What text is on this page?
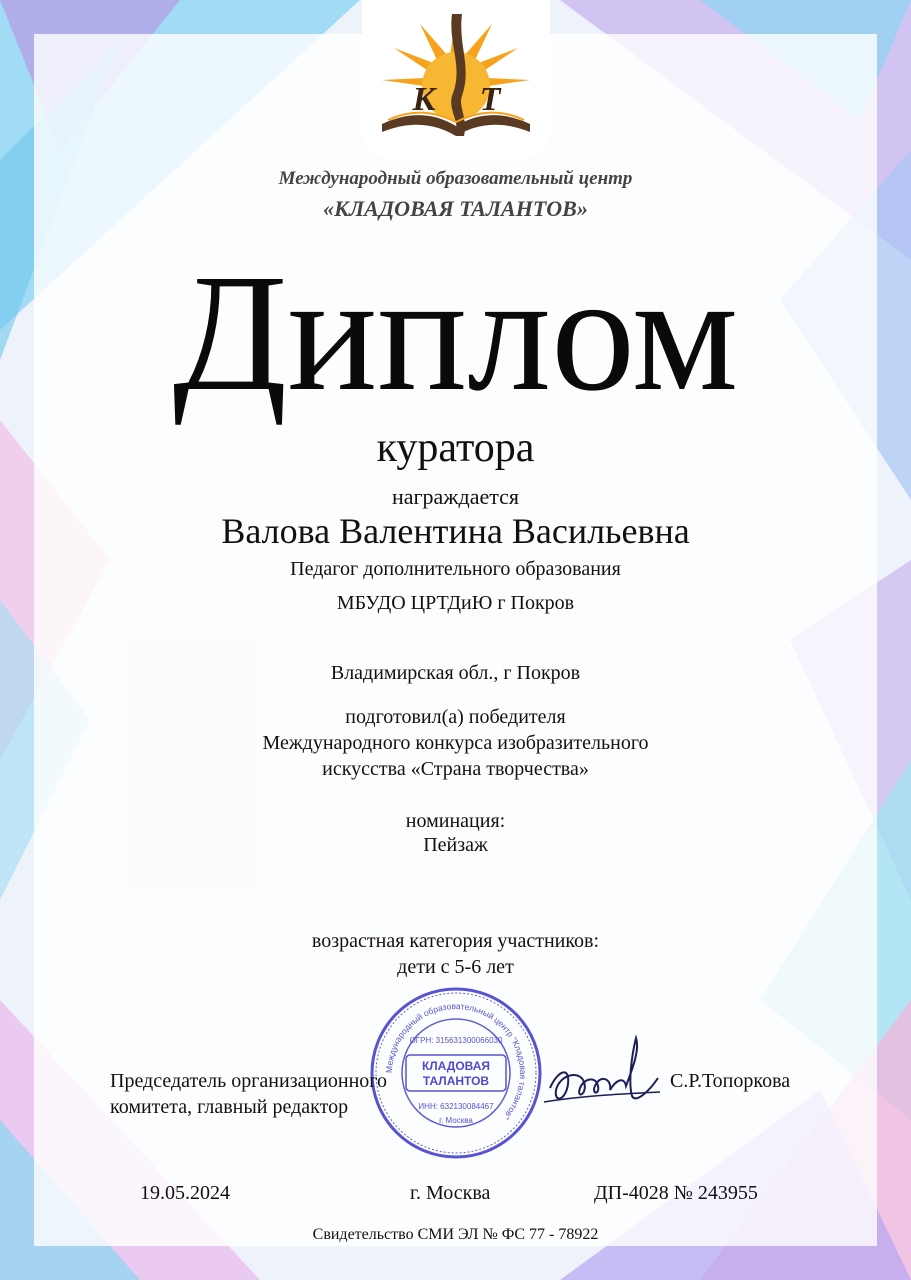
К Т
Международный образовательный центр
«КЛАДОВАЯ ТАЛАНТОВ»
Диплом
куратора
награждается
Валова Валентина Васильевна
Педагог дополнительного образования
МБУДО ЦРТДиЮ г Покров
Владимирская обл., г Покров
подготовил(а) победителя
Международного конкурса изобразительного
искусства «Страна творчества»
номинация:
Пейзаж
возрастная категория участников:
дети с 5-6 лет
Международный образовательный центр "Кладовая талантов"
ОГРН: 315631300066030
КЛАДОВАЯ
ТАЛАНТОВ
ИНН: 632130084467
г. Москва
Председатель организационного
комитета, главный редактор
С.Р.Топоркова
19.05.2024	г. Москва	ДП-4028 № 243955
Свидетельство СМИ ЭЛ № ФС 77 - 78922
